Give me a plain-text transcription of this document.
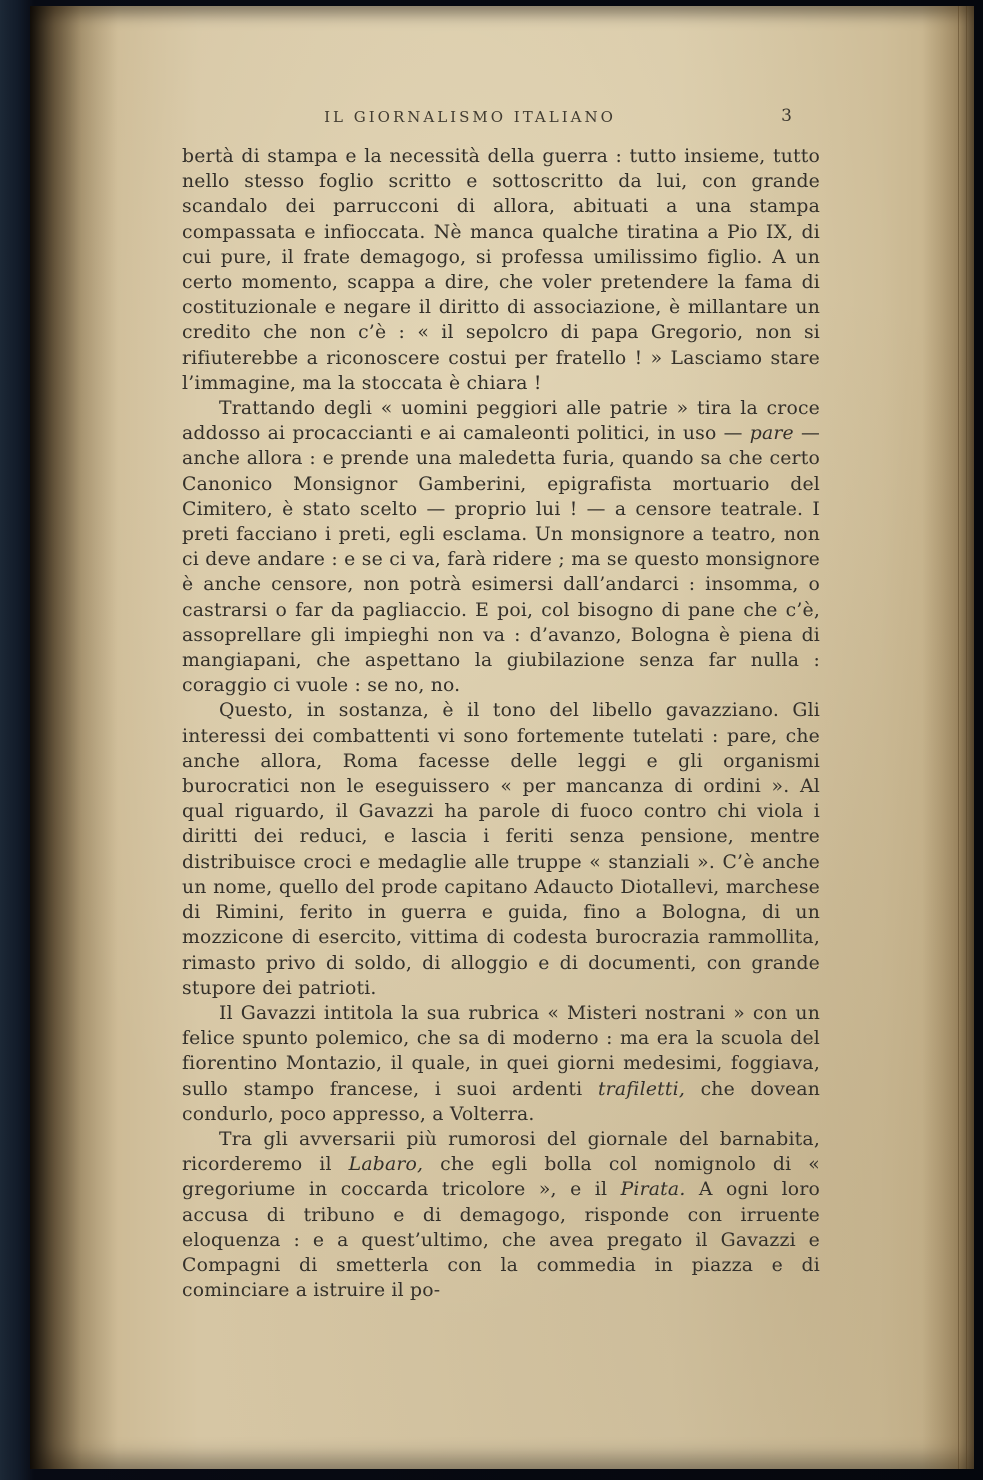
IL GIORNALISMO ITALIANO	3

bertà di stampa e la necessità della guerra : tutto insieme, tutto nello stesso foglio scritto e sottoscritto da lui, con grande scandalo dei parrucconi di allora, abituati a una stampa compassata e infioccata. Nè manca qualche tiratina a Pio IX, di cui pure, il frate demagogo, si professa umilissimo figlio. A un certo momento, scappa a dire, che voler pretendere la fama di costituzionale e negare il diritto di associazione, è millantare un credito che non c’è : « il sepolcro di papa Gregorio, non si rifiuterebbe a riconoscere costui per fratello ! » Lasciamo stare l’immagine, ma la stoccata è chiara !

Trattando degli « uomini peggiori alle patrie » tira la croce addosso ai procaccianti e ai camaleonti politici, in uso — pare — anche allora : e prende una maledetta furia, quando sa che certo Canonico Monsignor Gamberini, epigrafista mortuario del Cimitero, è stato scelto — proprio lui ! — a censore teatrale. I preti facciano i preti, egli esclama. Un monsignore a teatro, non ci deve andare : e se ci va, farà ridere ; ma se questo monsignore è anche censore, non potrà esimersi dall’andarci : insomma, o castrarsi o far da pagliaccio. E poi, col bisogno di pane che c’è, assoprellare gli impieghi non va : d’avanzo, Bologna è piena di mangiapani, che aspettano la giubilazione senza far nulla : coraggio ci vuole : se no, no.

Questo, in sostanza, è il tono del libello gavazziano. Gli interessi dei combattenti vi sono fortemente tutelati : pare, che anche allora, Roma facesse delle leggi e gli organismi burocratici non le eseguissero « per mancanza di ordini ». Al qual riguardo, il Gavazzi ha parole di fuoco contro chi viola i diritti dei reduci, e lascia i feriti senza pensione, mentre distribuisce croci e medaglie alle truppe « stanziali ». C’è anche un nome, quello del prode capitano Adaucto Diotallevi, marchese di Rimini, ferito in guerra e guida, fino a Bologna, di un mozzicone di esercito, vittima di codesta burocrazia rammollita, rimasto privo di soldo, di alloggio e di documenti, con grande stupore dei patrioti.

Il Gavazzi intitola la sua rubrica « Misteri nostrani » con un felice spunto polemico, che sa di moderno : ma era la scuola del fiorentino Montazio, il quale, in quei giorni medesimi, foggiava, sullo stampo francese, i suoi ardenti trafiletti, che dovean condurlo, poco appresso, a Volterra.

Tra gli avversarii più rumorosi del giornale del barnabita, ricorderemo il Labaro, che egli bolla col nomignolo di « gregoriume in coccarda tricolore », e il Pirata. A ogni loro accusa di tribuno e di demagogo, risponde con irruente eloquenza : e a quest’ultimo, che avea pregato il Gavazzi e Compagni di smetterla con la commedia in piazza e di cominciare a istruire il po-
